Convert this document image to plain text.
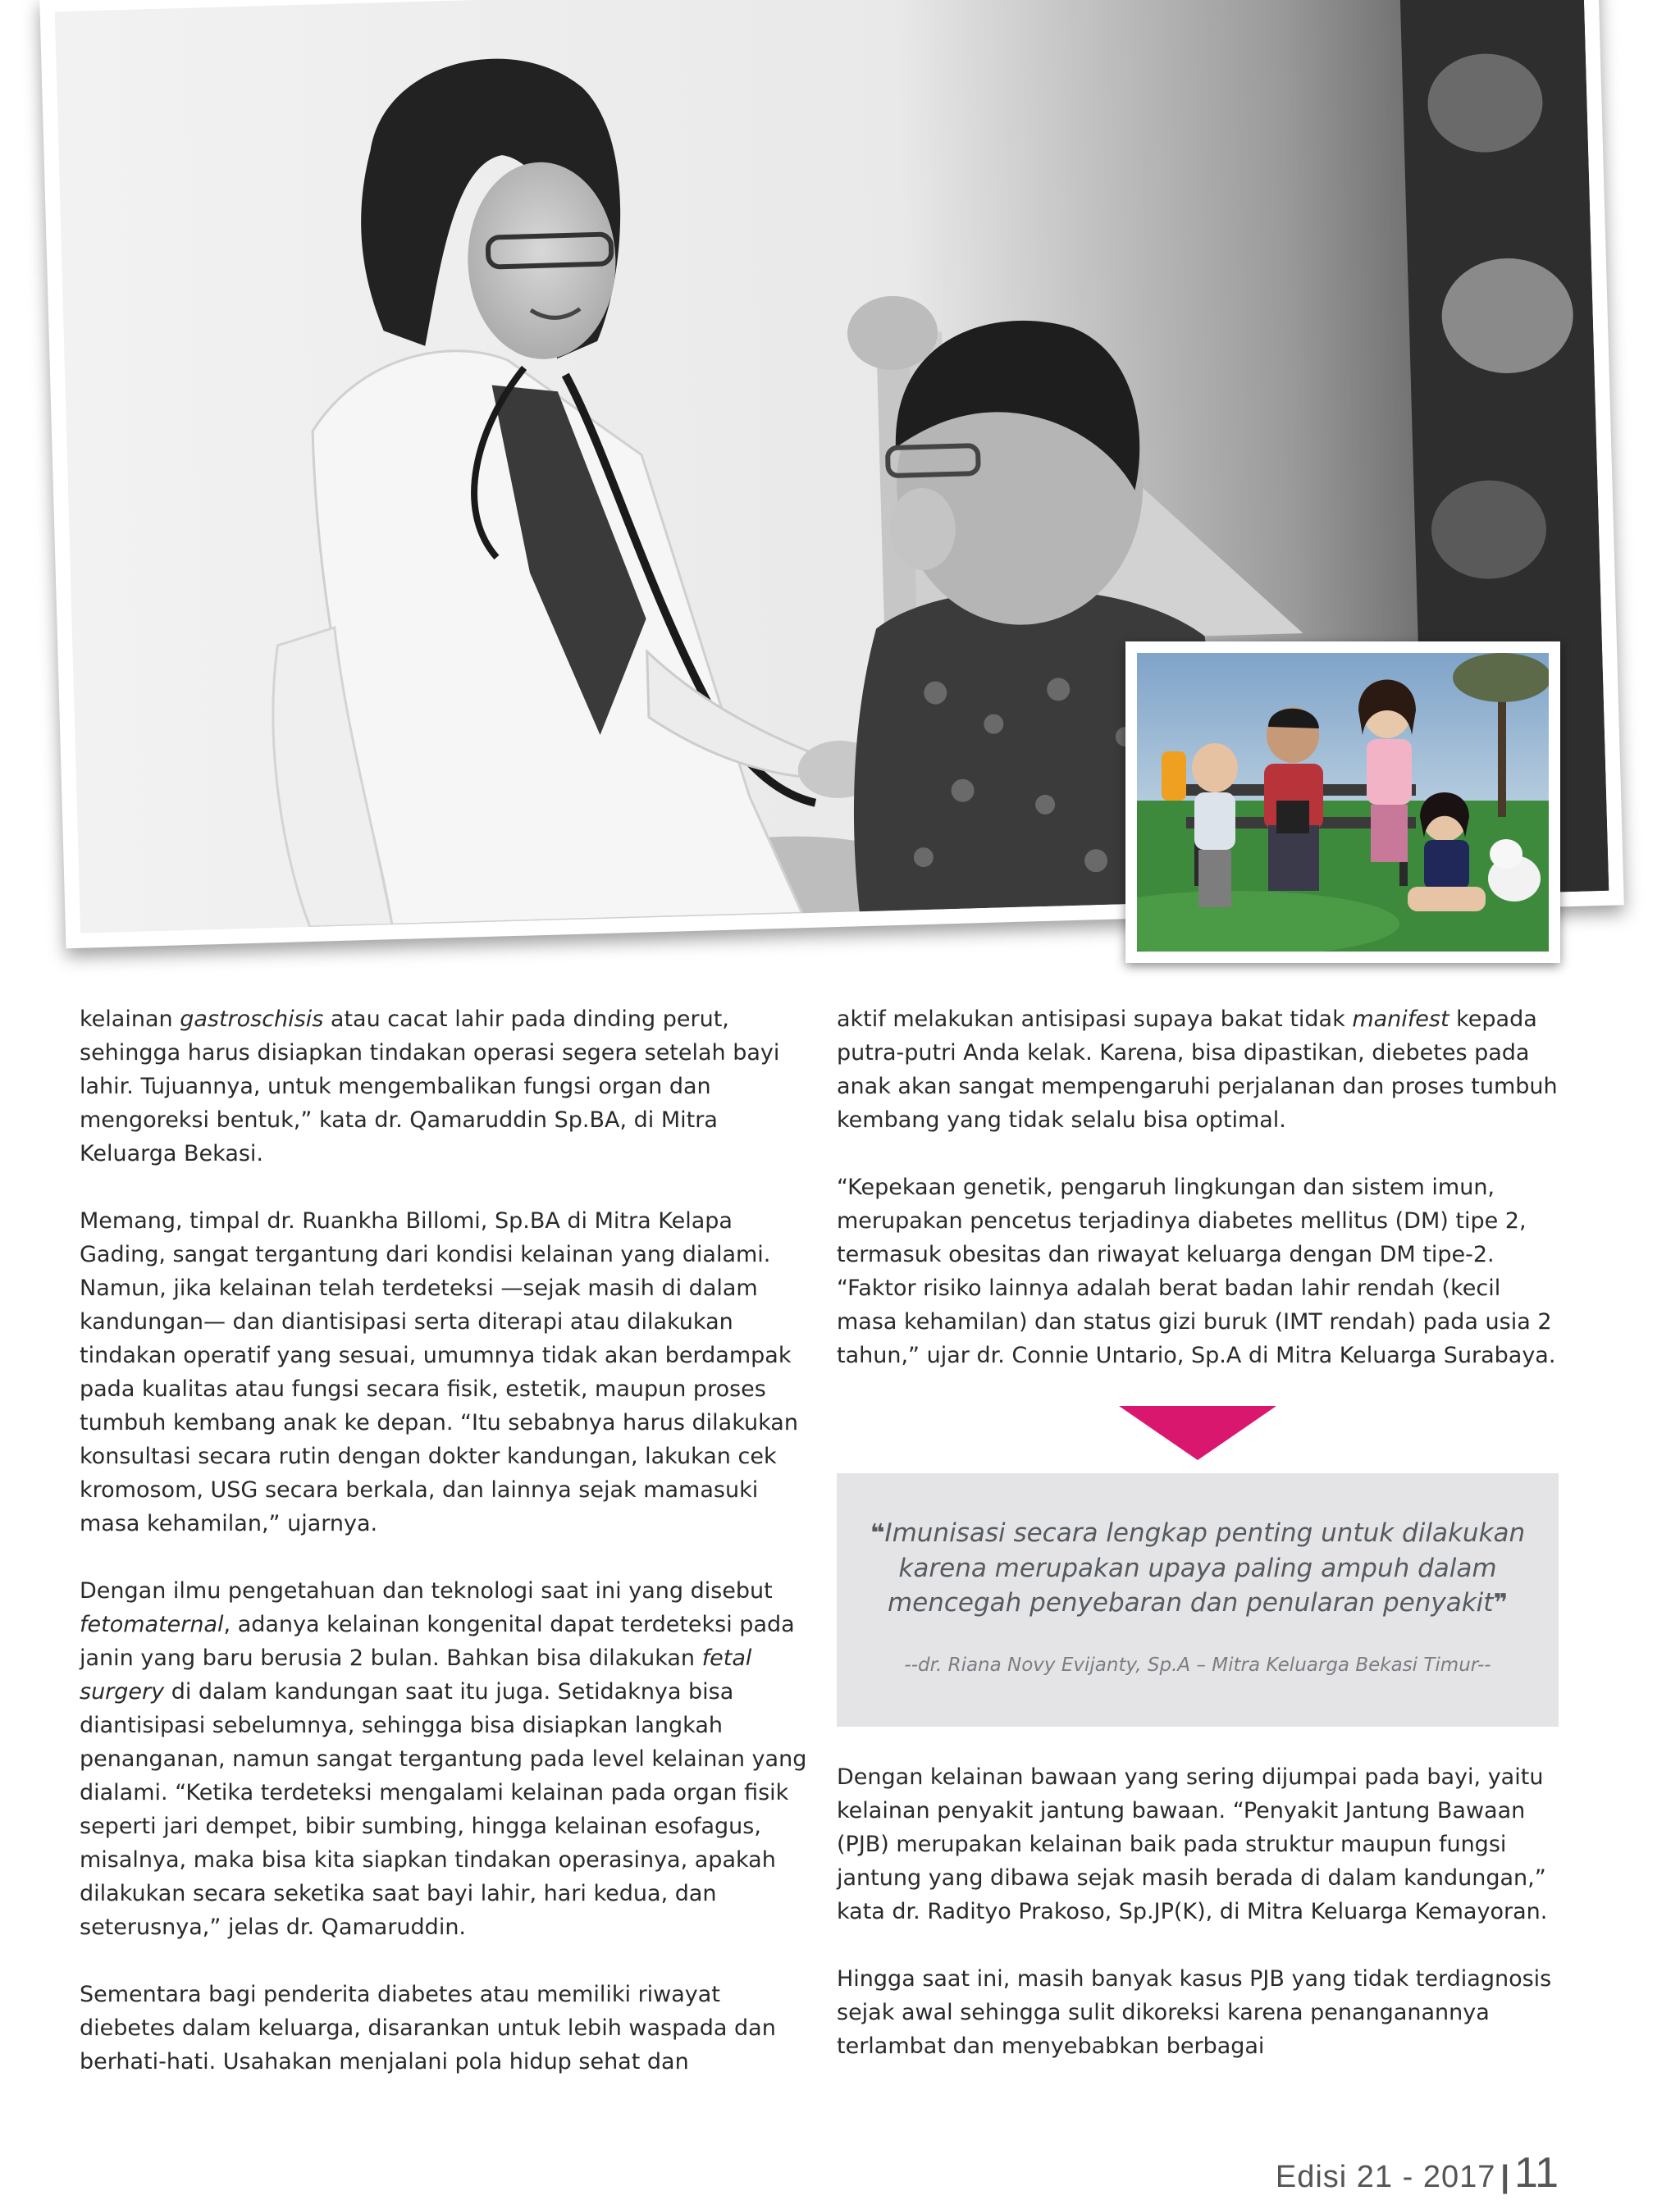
kelainan gastroschisis atau cacat lahir pada dinding perut, sehingga harus disiapkan tindakan operasi segera setelah bayi lahir. Tujuannya, untuk mengembalikan fungsi organ dan mengoreksi bentuk,” kata dr. Qamaruddin Sp.BA, di Mitra Keluarga Bekasi.

Memang, timpal dr. Ruankha Billomi, Sp.BA di Mitra Kelapa Gading, sangat tergantung dari kondisi kelainan yang dialami. Namun, jika kelainan telah terdeteksi —sejak masih di dalam kandungan— dan diantisipasi serta diterapi atau dilakukan tindakan operatif yang sesuai, umumnya tidak akan berdampak pada kualitas atau fungsi secara fisik, estetik, maupun proses tumbuh kembang anak ke depan. “Itu sebabnya harus dilakukan konsultasi secara rutin dengan dokter kandungan, lakukan cek kromosom, USG secara berkala, dan lainnya sejak mamasuki masa kehamilan,” ujarnya.

Dengan ilmu pengetahuan dan teknologi saat ini yang disebut fetomaternal, adanya kelainan kongenital dapat terdeteksi pada janin yang baru berusia 2 bulan. Bahkan bisa dilakukan fetal surgery di dalam kandungan saat itu juga. Setidaknya bisa diantisipasi sebelumnya, sehingga bisa disiapkan langkah penanganan, namun sangat tergantung pada level kelainan yang dialami. “Ketika terdeteksi mengalami kelainan pada organ fisik seperti jari dempet, bibir sumbing, hingga kelainan esofagus, misalnya, maka bisa kita siapkan tindakan operasinya, apakah dilakukan secara seketika saat bayi lahir, hari kedua, dan seterusnya,” jelas dr. Qamaruddin.

Sementara bagi penderita diabetes atau memiliki riwayat diebetes dalam keluarga, disarankan untuk lebih waspada dan berhati-hati. Usahakan menjalani pola hidup sehat dan

aktif melakukan antisipasi supaya bakat tidak manifest kepada putra-putri Anda kelak. Karena, bisa dipastikan, diebetes pada anak akan sangat mempengaruhi perjalanan dan proses tumbuh kembang yang tidak selalu bisa optimal.

“Kepekaan genetik, pengaruh lingkungan dan sistem imun, merupakan pencetus terjadinya diabetes mellitus (DM) tipe 2, termasuk obesitas dan riwayat keluarga dengan DM tipe-2. “Faktor risiko lainnya adalah berat badan lahir rendah (kecil masa kehamilan) dan status gizi buruk (IMT rendah) pada usia 2 tahun,” ujar dr. Connie Untario, Sp.A di Mitra Keluarga Surabaya.

❝Imunisasi secara lengkap penting untuk dilakukan karena merupakan upaya paling ampuh dalam mencegah penyebaran dan penularan penyakit❞
--dr. Riana Novy Evijanty, Sp.A – Mitra Keluarga Bekasi Timur--

Dengan kelainan bawaan yang sering dijumpai pada bayi, yaitu kelainan penyakit jantung bawaan. “Penyakit Jantung Bawaan (PJB) merupakan kelainan baik pada struktur maupun fungsi jantung yang dibawa sejak masih berada di dalam kandungan,” kata dr. Radityo Prakoso, Sp.JP(K), di Mitra Keluarga Kemayoran.

Hingga saat ini, masih banyak kasus PJB yang tidak terdiagnosis sejak awal sehingga sulit dikoreksi karena penanganannya terlambat dan menyebabkan berbagai

Edisi 21 - 2017 | 11
